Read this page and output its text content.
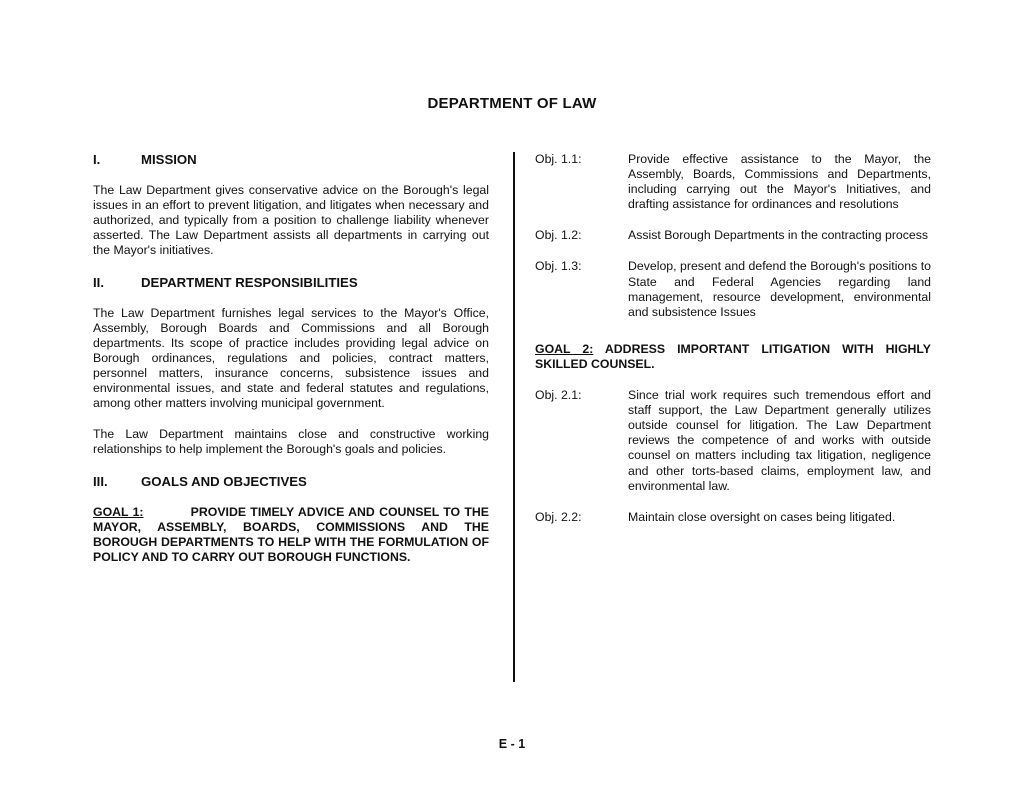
DEPARTMENT OF LAW
I.	MISSION

The Law Department gives conservative advice on the Borough's legal issues in an effort to prevent litigation, and litigates when necessary and authorized, and typically from a position to challenge liability whenever asserted. The Law Department assists all departments in carrying out the Mayor's initiatives.

II.	DEPARTMENT RESPONSIBILITIES

The Law Department furnishes legal services to the Mayor's Office, Assembly, Borough Boards and Commissions and all Borough departments. Its scope of practice includes providing legal advice on Borough ordinances, regulations and policies, contract matters, personnel matters, insurance concerns, subsistence issues and environmental issues, and state and federal statutes and regulations, among other matters involving municipal government.

The Law Department maintains close and constructive working relationships to help implement the Borough's goals and policies.

III.	GOALS AND OBJECTIVES

GOAL 1:	PROVIDE TIMELY ADVICE AND COUNSEL TO THE MAYOR, ASSEMBLY, BOARDS, COMMISSIONS AND THE BOROUGH DEPARTMENTS TO HELP WITH THE FORMULATION OF POLICY AND TO CARRY OUT BOROUGH FUNCTIONS.

Obj. 1.1:	Provide effective assistance to the Mayor, the Assembly, Boards, Commissions and Departments, including carrying out the Mayor's Initiatives, and drafting assistance for ordinances and resolutions
Obj. 1.2:	Assist Borough Departments in the contracting process
Obj. 1.3:	Develop, present and defend the Borough's positions to State and Federal Agencies regarding land management, resource development, environmental and subsistence Issues

GOAL 2: ADDRESS IMPORTANT LITIGATION WITH HIGHLY SKILLED COUNSEL.

Obj. 2.1:	Since trial work requires such tremendous effort and staff support, the Law Department generally utilizes outside counsel for litigation. The Law Department reviews the competence of and works with outside counsel on matters including tax litigation, negligence and other torts-based claims, employment law, and environmental law.
Obj. 2.2:	Maintain close oversight on cases being litigated.
E - 1
